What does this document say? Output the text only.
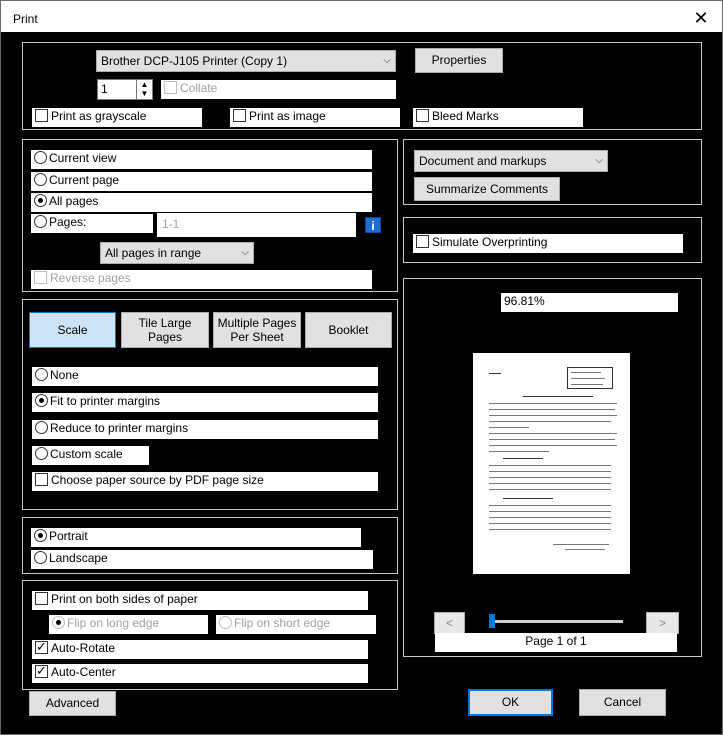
Print	✕
Brother DCP-J105 Printer (Copy 1)	⌵	Properties
1	▲
▼	Collate
Print as grayscale	Print as image	Bleed Marks
Current view
Current page
All pages
Pages:	1-1	i
All pages in range	⌵
Reverse pages
Document and markups	⌵
Summarize Comments
Simulate Overprinting
Scale	Tile Large Pages
Multiple Pages Per Sheet	Booklet
None
Fit to printer margins
Reduce to printer margins
Custom scale
Choose paper source by PDF page size
Portrait
Landscape
Print on both sides of paper
Flip on long edge	Flip on short edge
✓Auto-Rotate
✓Auto-Center
96.81%
<	>
Page 1 of 1
Advanced	OK	Cancel
